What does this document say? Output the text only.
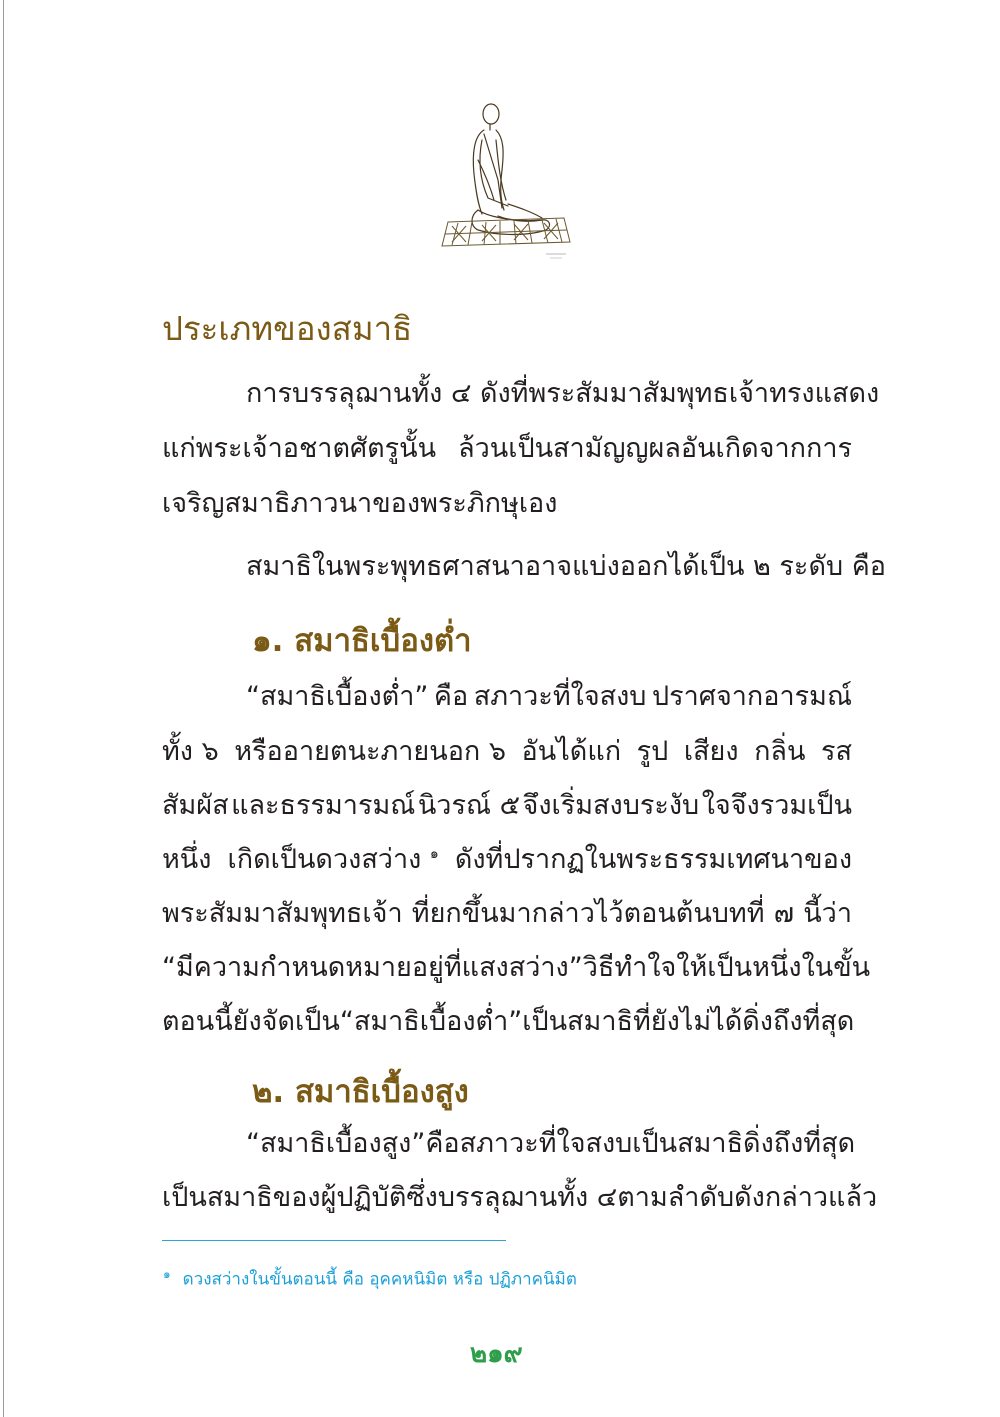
ประเภทของสมาธิ
การบรรลุฌานทั้ง ๔ ดังที่พระสัมมาสัมพุทธเจ้าทรงแสดง
แก่พระเจ้าอชาตศัตรูนั้น ล้วนเป็นสามัญญผลอันเกิดจากการ
เจริญสมาธิภาวนาของพระภิกษุเอง
สมาธิในพระพุทธศาสนาอาจแบ่งออกได้เป็น ๒ ระดับ คือ
๑. สมาธิเบื้องต่ำ
“สมาธิเบื้องต่ำ” คือ สภาวะที่ใจสงบ ปราศจากอารมณ์
ทั้ง ๖ หรืออายตนะภายนอก ๖ อันได้แก่ รูป เสียง กลิ่น รส
สัมผัส และธรรมารมณ์ นิวรณ์ ๕ จึงเริ่มสงบระงับ ใจจึงรวมเป็น
หนึ่ง เกิดเป็นดวงสว่าง ๑ ดังที่ปรากฏในพระธรรมเทศนาของ
พระสัมมาสัมพุทธเจ้า ที่ยกขึ้นมากล่าวไว้ตอนต้นบทที่ ๗ นี้ว่า
“มีความกำหนดหมายอยู่ที่แสงสว่าง” วิธีทำใจให้เป็นหนึ่งในขั้น
ตอนนี้ยังจัดเป็น “สมาธิเบื้องต่ำ” เป็นสมาธิที่ยังไม่ได้ดิ่งถึงที่สุด
๒. สมาธิเบื้องสูง
“สมาธิเบื้องสูง” คือสภาวะที่ใจสงบเป็นสมาธิดิ่งถึงที่สุด
เป็นสมาธิของผู้ปฏิบัติซึ่งบรรลุฌานทั้ง ๔ ตามลำดับดังกล่าวแล้ว
$^๑$ ดวงสว่างในขั้นตอนนี้ คือ อุคคหนิมิต หรือ ปฏิภาคนิมิต
๒๑๙
